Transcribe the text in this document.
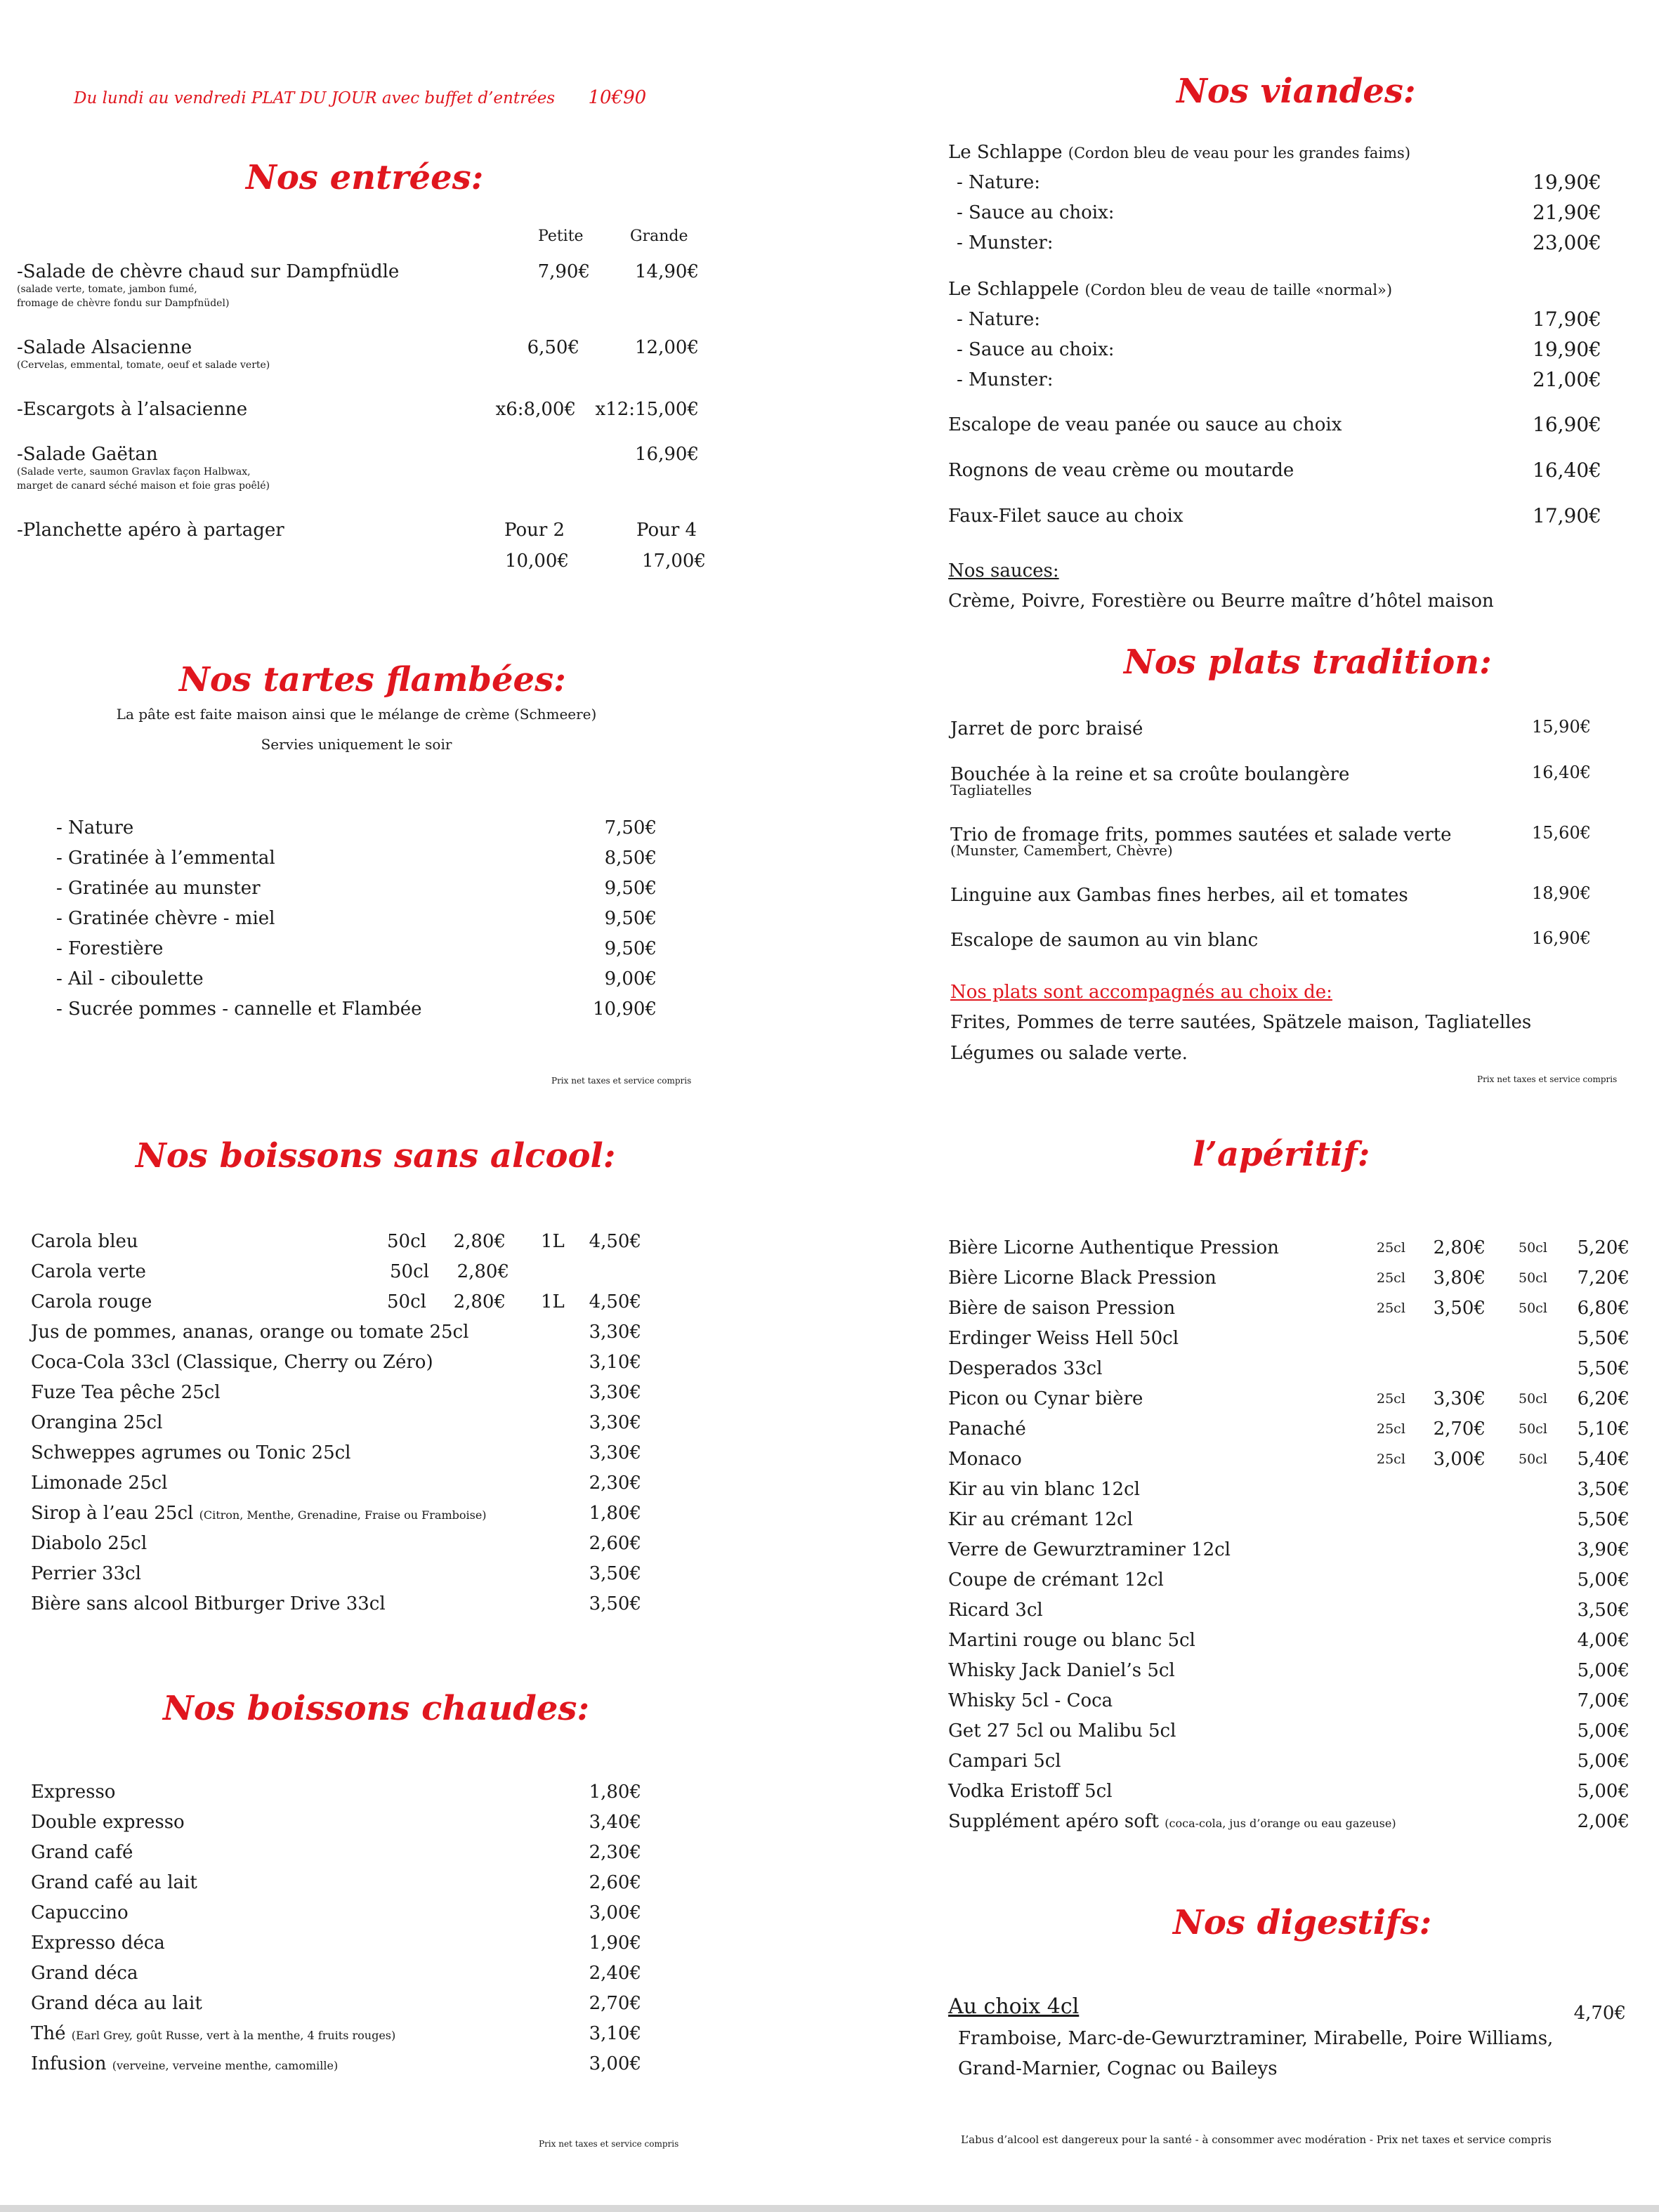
Du lundi au vendredi PLAT DU JOUR avec buffet d’entrées 10€90
Nos entrées:
Petite	Grande
-Salade de chèvre chaud sur Dampfnüdle
(salade verte, tomate, jambon fumé,
fromage de chèvre fondu sur Dampfnüdel)
7,90€	14,90€
-Salade Alsacienne
(Cervelas, emmental, tomate, oeuf et salade verte)
6,50€	12,00€
-Escargots à l’alsacienne	x6:8,00€ x12:15,00€
-Salade Gaëtan
(Salade verte, saumon Gravlax façon Halbwax,
marget de canard séché maison et foie gras poêlé)
16,90€
-Planchette apéro à partager	Pour 2	Pour 4
10,00€	17,00€
Nos tartes flambées:
La pâte est faite maison ainsi que le mélange de crème (Schmeere)
Servies uniquement le soir
- Nature	7,50€
- Gratinée à l’emmental	8,50€
- Gratinée au munster	9,50€
- Gratinée chèvre - miel	9,50€
- Forestière	9,50€
- Ail - ciboulette	9,00€
- Sucrée pommes - cannelle et Flambée	10,90€
Prix net taxes et service compris
Nos viandes:
Le Schlappe (Cordon bleu de veau pour les grandes faims)
- Nature:	19,90€
- Sauce au choix:	21,90€
- Munster:	23,00€
Le Schlappele (Cordon bleu de veau de taille «normal»)
- Nature:	17,90€
- Sauce au choix:	19,90€
- Munster:	21,00€
Escalope de veau panée ou sauce au choix	16,90€
Rognons de veau crème ou moutarde	16,40€
Faux-Filet sauce au choix	17,90€
Nos sauces:
Crème, Poivre, Forestière ou Beurre maître d’hôtel maison
Nos plats tradition:
Jarret de porc braisé	15,90€
Bouchée à la reine et sa croûte boulangère
Tagliatelles
16,40€
Trio de fromage frits, pommes sautées et salade verte
(Munster, Camembert, Chèvre)
15,60€
Linguine aux Gambas fines herbes, ail et tomates	18,90€
Escalope de saumon au vin blanc	16,90€
Nos plats sont accompagnés au choix de:
Frites, Pommes de terre sautées, Spätzele maison, Tagliatelles
Légumes ou salade verte.
Prix net taxes et service compris
Nos boissons sans alcool:
Carola bleu	50cl	2,80€ 1L	4,50€
Carola verte	50cl	2,80€
Carola rouge	50cl	2,80€ 1L	4,50€
Jus de pommes, ananas, orange ou tomate 25cl	3,30€
Coca-Cola 33cl (Classique, Cherry ou Zéro)	3,10€
Fuze Tea pêche 25cl	3,30€
Orangina 25cl	3,30€
Schweppes agrumes ou Tonic 25cl	3,30€
Limonade 25cl	2,30€
Sirop à l’eau 25cl (Citron, Menthe, Grenadine, Fraise ou Framboise)	1,80€
Diabolo 25cl	2,60€
Perrier 33cl	3,50€
Bière sans alcool Bitburger Drive 33cl	3,50€
Nos boissons chaudes:
Expresso	1,80€
Double expresso	3,40€
Grand café	2,30€
Grand café au lait	2,60€
Capuccino	3,00€
Expresso déca	1,90€
Grand déca	2,40€
Grand déca au lait	2,70€
Thé (Earl Grey, goût Russe, vert à la menthe, 4 fruits rouges)	3,10€
Infusion (verveine, verveine menthe, camomille)	3,00€
Prix net taxes et service compris
l’apéritif:
Bière Licorne Authentique Pression	25cl	2,80€ 50cl	5,20€
Bière Licorne Black Pression	25cl	3,80€ 50cl	7,20€
Bière de saison Pression	25cl	3,50€ 50cl	6,80€
Erdinger Weiss Hell 50cl	5,50€
Desperados 33cl	5,50€
Picon ou Cynar bière	25cl	3,30€ 50cl	6,20€
Panaché	25cl	2,70€ 50cl	5,10€
Monaco	25cl	3,00€ 50cl	5,40€
Kir au vin blanc 12cl	3,50€
Kir au crémant 12cl	5,50€
Verre de Gewurztraminer 12cl	3,90€
Coupe de crémant 12cl	5,00€
Ricard 3cl	3,50€
Martini rouge ou blanc 5cl	4,00€
Whisky Jack Daniel’s 5cl	5,00€
Whisky 5cl - Coca	7,00€
Get 27 5cl ou Malibu 5cl	5,00€
Campari 5cl	5,00€
Vodka Eristoff 5cl	5,00€
Supplément apéro soft (coca-cola, jus d’orange ou eau gazeuse)	2,00€
Nos digestifs:
Au choix 4cl	4,70€
Framboise, Marc-de-Gewurztraminer, Mirabelle, Poire Williams,
Grand-Marnier, Cognac ou Baileys
L’abus d’alcool est dangereux pour la santé - à consommer avec modération - Prix net taxes et service compris
